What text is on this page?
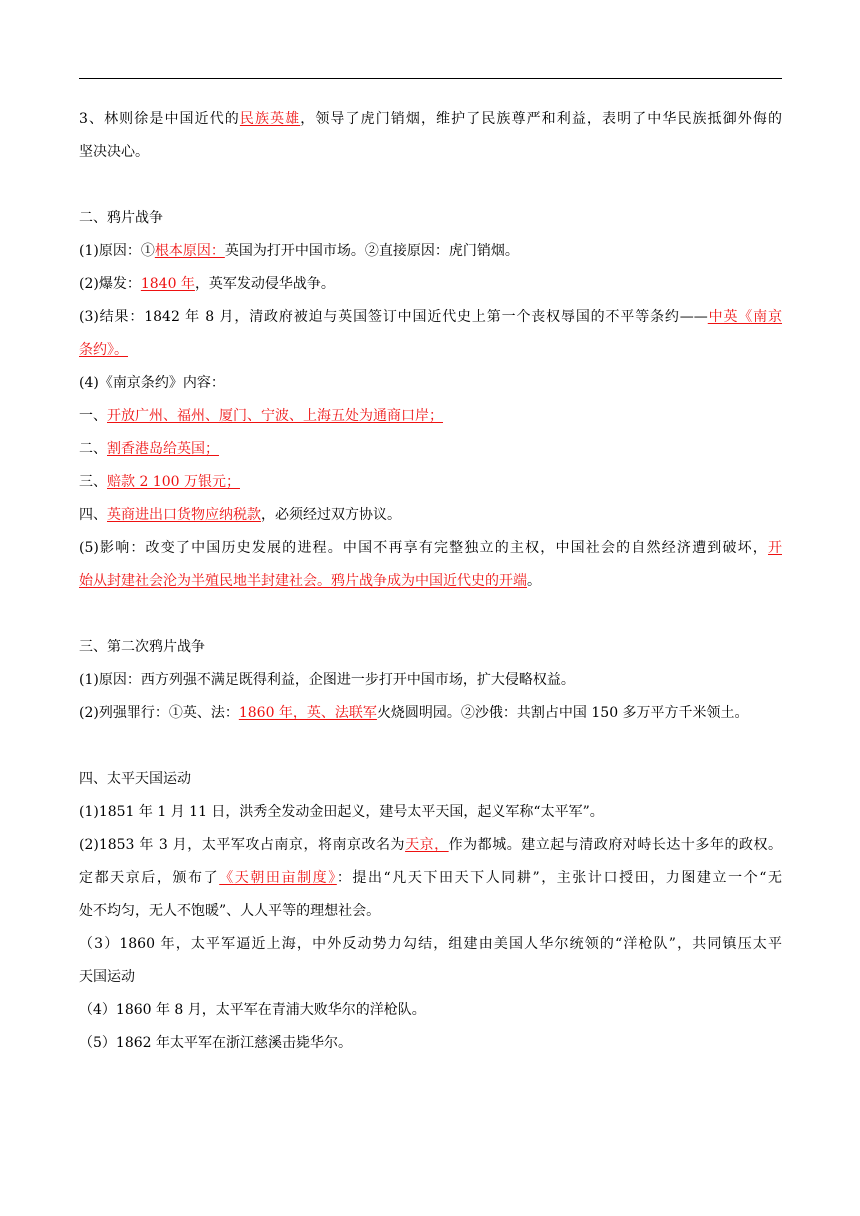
3、林则徐是中国近代的民族英雄，领导了虎门销烟，维护了民族尊严和利益，表明了中华民族抵御外侮的

坚决决心。

二、鸦片战争

(1)原因：①根本原因：英国为打开中国市场。②直接原因：虎门销烟。

(2)爆发：1840 年，英军发动侵华战争。

(3)结果：1842 年 8 月，清政府被迫与英国签订中国近代史上第一个丧权辱国的不平等条约——中英《南京

条约》。

(4)《南京条约》内容：

一、开放广州、福州、厦门、宁波、上海五处为通商口岸；

二、割香港岛给英国；

三、赔款 2 100 万银元；

四、英商进出口货物应纳税款，必须经过双方协议。

(5)影响：改变了中国历史发展的进程。中国不再享有完整独立的主权，中国社会的自然经济遭到破坏，开

始从封建社会沦为半殖民地半封建社会。鸦片战争成为中国近代史的开端。

三、第二次鸦片战争

(1)原因：西方列强不满足既得利益，企图进一步打开中国市场，扩大侵略权益。

(2)列强罪行：①英、法：1860 年，英、法联军火烧圆明园。②沙俄：共割占中国 150 多万平方千米领土。

四、太平天国运动

(1)1851 年 1 月 11 日，洪秀全发动金田起义，建号太平天国，起义军称“太平军”。

(2)1853 年 3 月，太平军攻占南京，将南京改名为天京，作为都城。建立起与清政府对峙长达十多年的政权。

定都天京后，颁布了《天朝田亩制度》：提出“凡天下田天下人同耕”，主张计口授田，力图建立一个“无

处不均匀，无人不饱暖”、人人平等的理想社会。

（3）1860 年，太平军逼近上海，中外反动势力勾结，组建由美国人华尔统领的“洋枪队”，共同镇压太平

天国运动

（4）1860 年 8 月，太平军在青浦大败华尔的洋枪队。

（5）1862 年太平军在浙江慈溪击毙华尔。
